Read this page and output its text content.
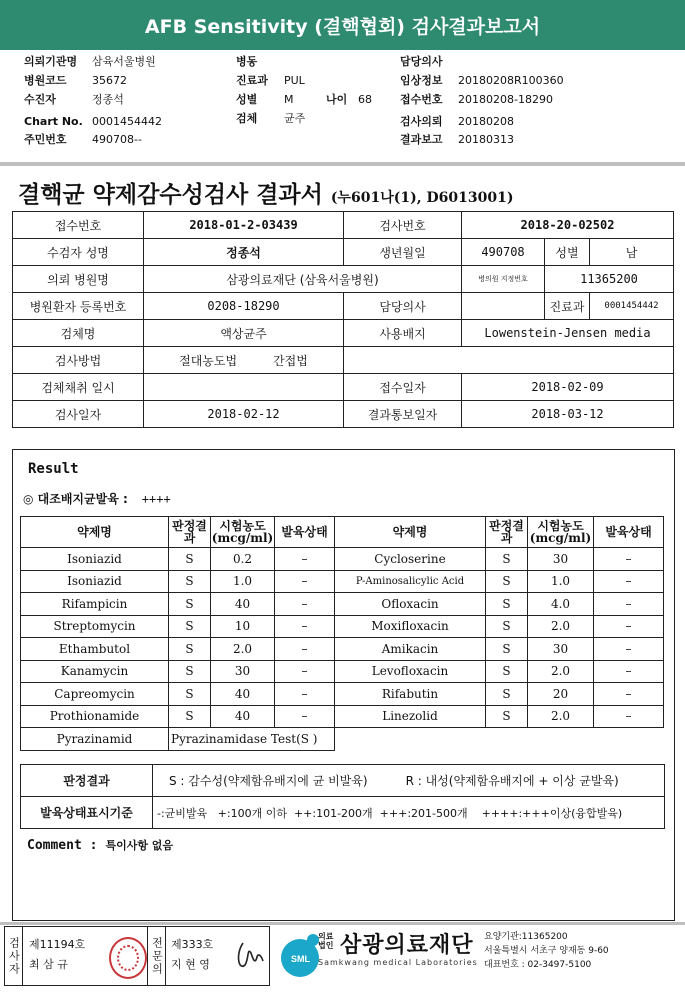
AFB Sensitivity (결핵협회) 검사결과보고서
의뢰기관명 삼육서울병원
병원코드 35672
수진자	정종석
Chart No. 0001454442
주민번호 490708--
병동
진료과 PUL
성별 M	나이 68
검체 균주
담당의사
임상정보 20180208R100360
접수번호 20180208-18290
검사의뢰 20180208
결과보고 20180313
결핵균 약제감수성검사 결과서 (누601나(1), D6013001)
접수번호	2018-01-2-03439	검사번호	2018-20-02502		
수검자 성명	정종석	생년월일	490708	성별	남
의뢰 병원명	삼광의료재단 (삼육서울병원)		병의원 지정번호	11365200	
병원환자 등록번호	0208-18290	담당의사		진료과	0001454442
검체명	액상균주	사용배지	Lowenstein-Jensen media		
검사방법	절대농도법 간접법				
검체채취 일시		접수일자	2018-02-09		
검사일자	2018-02-12	결과통보일자	2018-03-12		
Result
◎ 대조배지균발육 : ++++
약제명	판정결과	시험농도(mcg/ml)	발육상태	약제명	판정결과	시험농도(mcg/ml)	발육상태
Isoniazid	S	0.2	–	Cycloserine	S	30	–
Isoniazid	S	1.0	–	P-Aminosalicylic Acid	S	1.0	–
Rifampicin	S	40	–	Ofloxacin	S	4.0	–
Streptomycin	S	10	–	Moxifloxacin	S	2.0	–
Ethambutol	S	2.0	–	Amikacin	S	30	–
Kanamycin	S	30	–	Levofloxacin	S	2.0	–
Capreomycin	S	40	–	Rifabutin	S	20	–
Prothionamide	S	40	–	Linezolid	S	2.0	–
Pyrazinamid	Pyrazinamidase Test(S )						
판정결과	S : 감수성(약제함유배지에 균 비발육) R : 내성(약제함유배지에 + 이상 균발육)
발육상태표시기준	-:균비발육   +:100개 이하  ++:101-200개  +++:201-500개    ++++:+++이상(융합발육)
Comment : 특이사항 없음
검사자 제11194호
최 삼 규	전문의 제333호
지 현 영	SML
의료법인 삼광의료재단
Samkwang medical Laboratories
요양기관:11365200
서울특별시 서초구 양재동 9-60
대표번호 : 02-3497-5100
